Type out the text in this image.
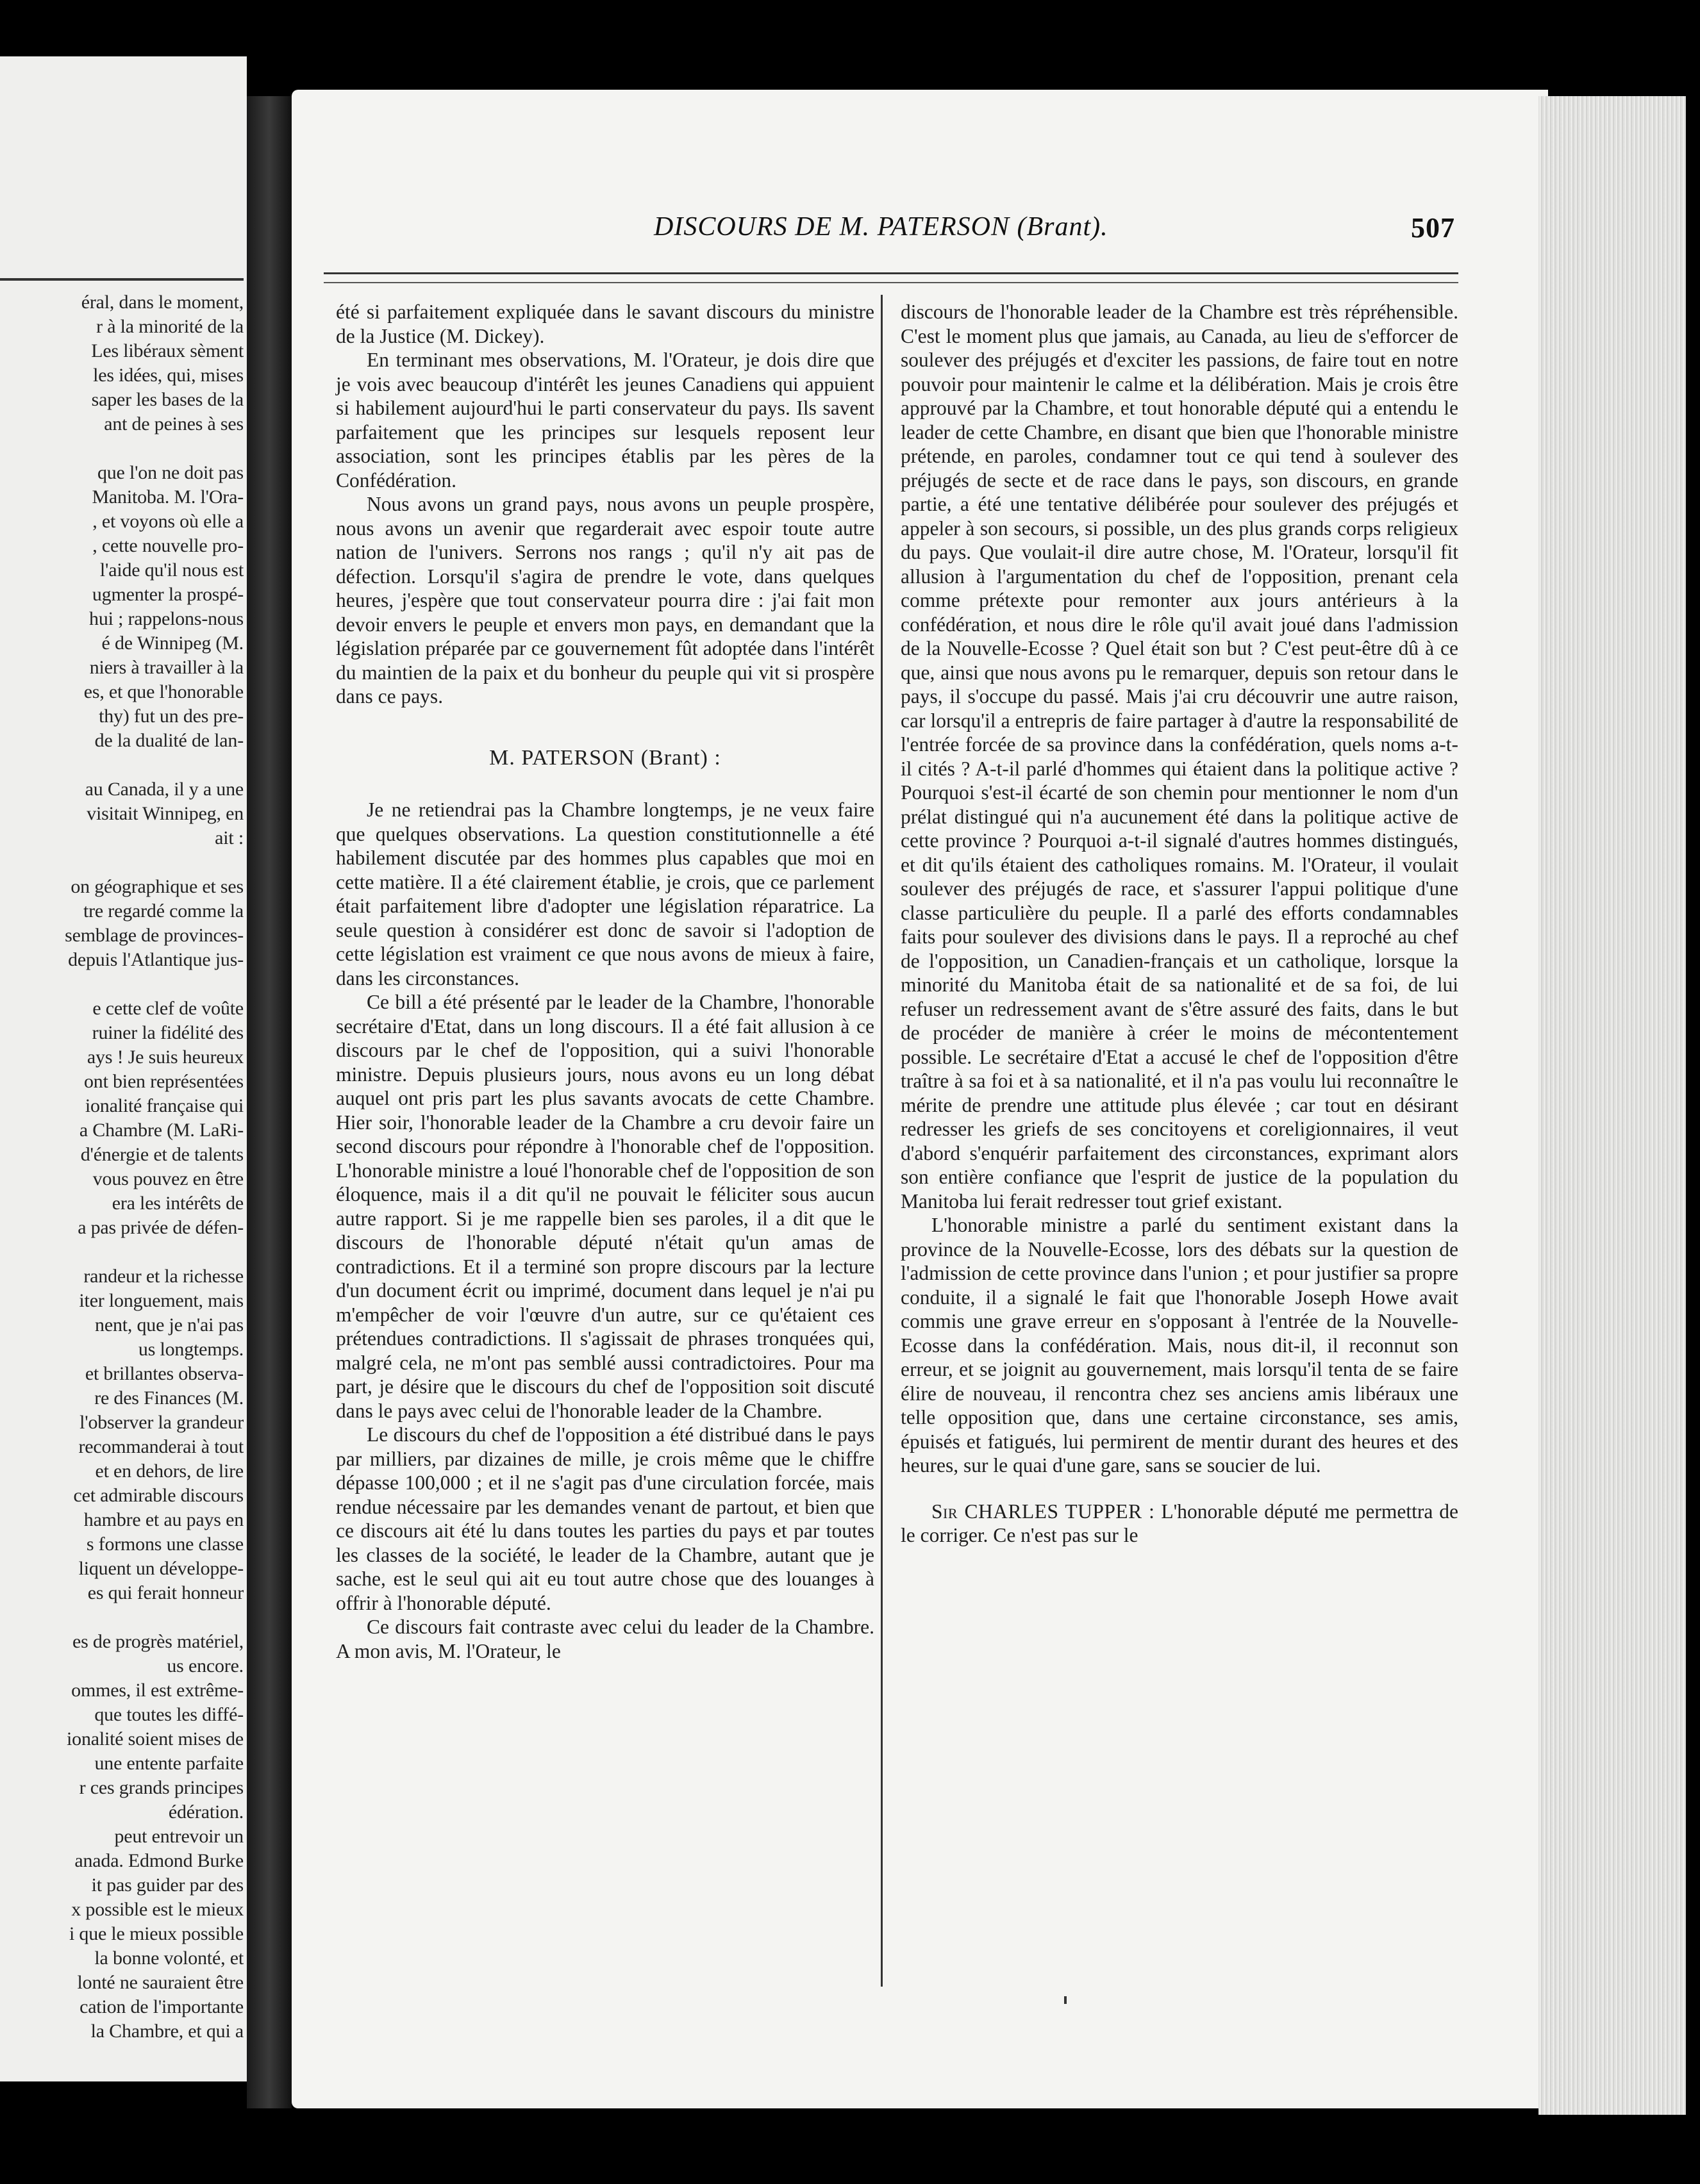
éral, dans le moment,
r à la minorité de la
Les libéraux sèment
les idées, qui, mises
saper les bases de la
ant de peines à ses
que l'on ne doit pas
Manitoba. M. l'Ora-
, et voyons où elle a
, cette nouvelle pro-
l'aide qu'il nous est
ugmenter la prospé-
hui ; rappelons-nous
é de Winnipeg (M.
niers à travailler à la
es, et que l'honorable
thy) fut un des pre-
de la dualité de lan-
au Canada, il y a une
visitait Winnipeg, en
ait :
on géographique et ses
tre regardé comme la
semblage de provinces-
depuis l'Atlantique jus-
e cette clef de voûte
ruiner la fidélité des
ays ! Je suis heureux
ont bien représentées
ionalité française qui
a Chambre (M. LaRi-
d'énergie et de talents
vous pouvez en être
era les intérêts de
a pas privée de défen-
randeur et la richesse
iter longuement, mais
nent, que je n'ai pas
us longtemps.
et brillantes observa-
re des Finances (M.
l'observer la grandeur
recommanderai à tout
et en dehors, de lire
cet admirable discours
hambre et au pays en
s formons une classe
liquent un développe-
es qui ferait honneur
es de progrès matériel,
us encore.
ommes, il est extrême-
que toutes les diffé-
ionalité soient mises de
une entente parfaite
r ces grands principes
édération.
peut entrevoir un
anada. Edmond Burke
it pas guider par des
x possible est le mieux
i que le mieux possible
la bonne volonté, et
lonté ne sauraient être
cation de l'importante
la Chambre, et qui a
DISCOURS DE M. PATERSON (Brant).	507

été si parfaitement expliquée dans le savant discours du ministre de la Justice (M. Dickey).

En terminant mes observations, M. l'Orateur, je dois dire que je vois avec beaucoup d'intérêt les jeunes Canadiens qui appuient si habilement aujourd'hui le parti conservateur du pays. Ils savent parfaitement que les principes sur lesquels reposent leur association, sont les principes établis par les pères de la Confédération.

Nous avons un grand pays, nous avons un peuple prospère, nous avons un avenir que regarderait avec espoir toute autre nation de l'univers. Serrons nos rangs ; qu'il n'y ait pas de défection. Lorsqu'il s'agira de prendre le vote, dans quelques heures, j'espère que tout conservateur pourra dire : j'ai fait mon devoir envers le peuple et envers mon pays, en demandant que la législation préparée par ce gouvernement fût adoptée dans l'intérêt du maintien de la paix et du bonheur du peuple qui vit si prospère dans ce pays.

M. PATERSON (Brant) :

Je ne retiendrai pas la Chambre longtemps, je ne veux faire que quelques observations. La question constitutionnelle a été habilement discutée par des hommes plus capables que moi en cette matière. Il a été clairement établie, je crois, que ce parlement était parfaitement libre d'adopter une législation réparatrice. La seule question à considérer est donc de savoir si l'adoption de cette législation est vraiment ce que nous avons de mieux à faire, dans les circonstances.

Ce bill a été présenté par le leader de la Chambre, l'honorable secrétaire d'Etat, dans un long discours. Il a été fait allusion à ce discours par le chef de l'opposition, qui a suivi l'honorable ministre. Depuis plusieurs jours, nous avons eu un long débat auquel ont pris part les plus savants avocats de cette Chambre. Hier soir, l'honorable leader de la Chambre a cru devoir faire un second discours pour répondre à l'honorable chef de l'opposition. L'honorable ministre a loué l'honorable chef de l'opposition de son éloquence, mais il a dit qu'il ne pouvait le féliciter sous aucun autre rapport. Si je me rappelle bien ses paroles, il a dit que le discours de l'honorable député n'était qu'un amas de contradictions. Et il a terminé son propre discours par la lecture d'un document écrit ou imprimé, document dans lequel je n'ai pu m'empêcher de voir l'œuvre d'un autre, sur ce qu'étaient ces prétendues contradictions. Il s'agissait de phrases tronquées qui, malgré cela, ne m'ont pas semblé aussi contradictoires. Pour ma part, je désire que le discours du chef de l'opposition soit discuté dans le pays avec celui de l'honorable leader de la Chambre.

Le discours du chef de l'opposition a été distribué dans le pays par milliers, par dizaines de mille, je crois même que le chiffre dépasse 100,000 ; et il ne s'agit pas d'une circulation forcée, mais rendue nécessaire par les demandes venant de partout, et bien que ce discours ait été lu dans toutes les parties du pays et par toutes les classes de la société, le leader de la Chambre, autant que je sache, est le seul qui ait eu tout autre chose que des louanges à offrir à l'honorable député.

Ce discours fait contraste avec celui du leader de la Chambre. A mon avis, M. l'Orateur, le

discours de l'honorable leader de la Chambre est très répréhensible. C'est le moment plus que jamais, au Canada, au lieu de s'efforcer de soulever des préjugés et d'exciter les passions, de faire tout en notre pouvoir pour maintenir le calme et la délibération. Mais je crois être approuvé par la Chambre, et tout honorable député qui a entendu le leader de cette Chambre, en disant que bien que l'honorable ministre prétende, en paroles, condamner tout ce qui tend à soulever des préjugés de secte et de race dans le pays, son discours, en grande partie, a été une tentative délibérée pour soulever des préjugés et appeler à son secours, si possible, un des plus grands corps religieux du pays. Que voulait-il dire autre chose, M. l'Orateur, lorsqu'il fit allusion à l'argumentation du chef de l'opposition, prenant cela comme prétexte pour remonter aux jours antérieurs à la confédération, et nous dire le rôle qu'il avait joué dans l'admission de la Nouvelle-Ecosse ? Quel était son but ? C'est peut-être dû à ce que, ainsi que nous avons pu le remarquer, depuis son retour dans le pays, il s'occupe du passé. Mais j'ai cru découvrir une autre raison, car lorsqu'il a entrepris de faire partager à d'autre la responsabilité de l'entrée forcée de sa province dans la confédération, quels noms a-t-il cités ? A-t-il parlé d'hommes qui étaient dans la politique active ? Pourquoi s'est-il écarté de son chemin pour mentionner le nom d'un prélat distingué qui n'a aucunement été dans la politique active de cette province ? Pourquoi a-t-il signalé d'autres hommes distingués, et dit qu'ils étaient des catholiques romains. M. l'Orateur, il voulait soulever des préjugés de race, et s'assurer l'appui politique d'une classe particulière du peuple. Il a parlé des efforts condamnables faits pour soulever des divisions dans le pays. Il a reproché au chef de l'opposition, un Canadien-français et un catholique, lorsque la minorité du Manitoba était de sa nationalité et de sa foi, de lui refuser un redressement avant de s'être assuré des faits, dans le but de procéder de manière à créer le moins de mécontentement possible. Le secrétaire d'Etat a accusé le chef de l'opposition d'être traître à sa foi et à sa nationalité, et il n'a pas voulu lui reconnaître le mérite de prendre une attitude plus élevée ; car tout en désirant redresser les griefs de ses concitoyens et coreligionnaires, il veut d'abord s'enquérir parfaitement des circonstances, exprimant alors son entière confiance que l'esprit de justice de la population du Manitoba lui ferait redresser tout grief existant.

L'honorable ministre a parlé du sentiment existant dans la province de la Nouvelle-Ecosse, lors des débats sur la question de l'admission de cette province dans l'union ; et pour justifier sa propre conduite, il a signalé le fait que l'honorable Joseph Howe avait commis une grave erreur en s'opposant à l'entrée de la Nouvelle-Ecosse dans la confédération. Mais, nous dit-il, il reconnut son erreur, et se joignit au gouvernement, mais lorsqu'il tenta de se faire élire de nouveau, il rencontra chez ses anciens amis libéraux une telle opposition que, dans une certaine circonstance, ses amis, épuisés et fatigués, lui permirent de mentir durant des heures et des heures, sur le quai d'une gare, sans se soucier de lui.

Sir CHARLES TUPPER : L'honorable député me permettra de le corriger. Ce n'est pas sur le
